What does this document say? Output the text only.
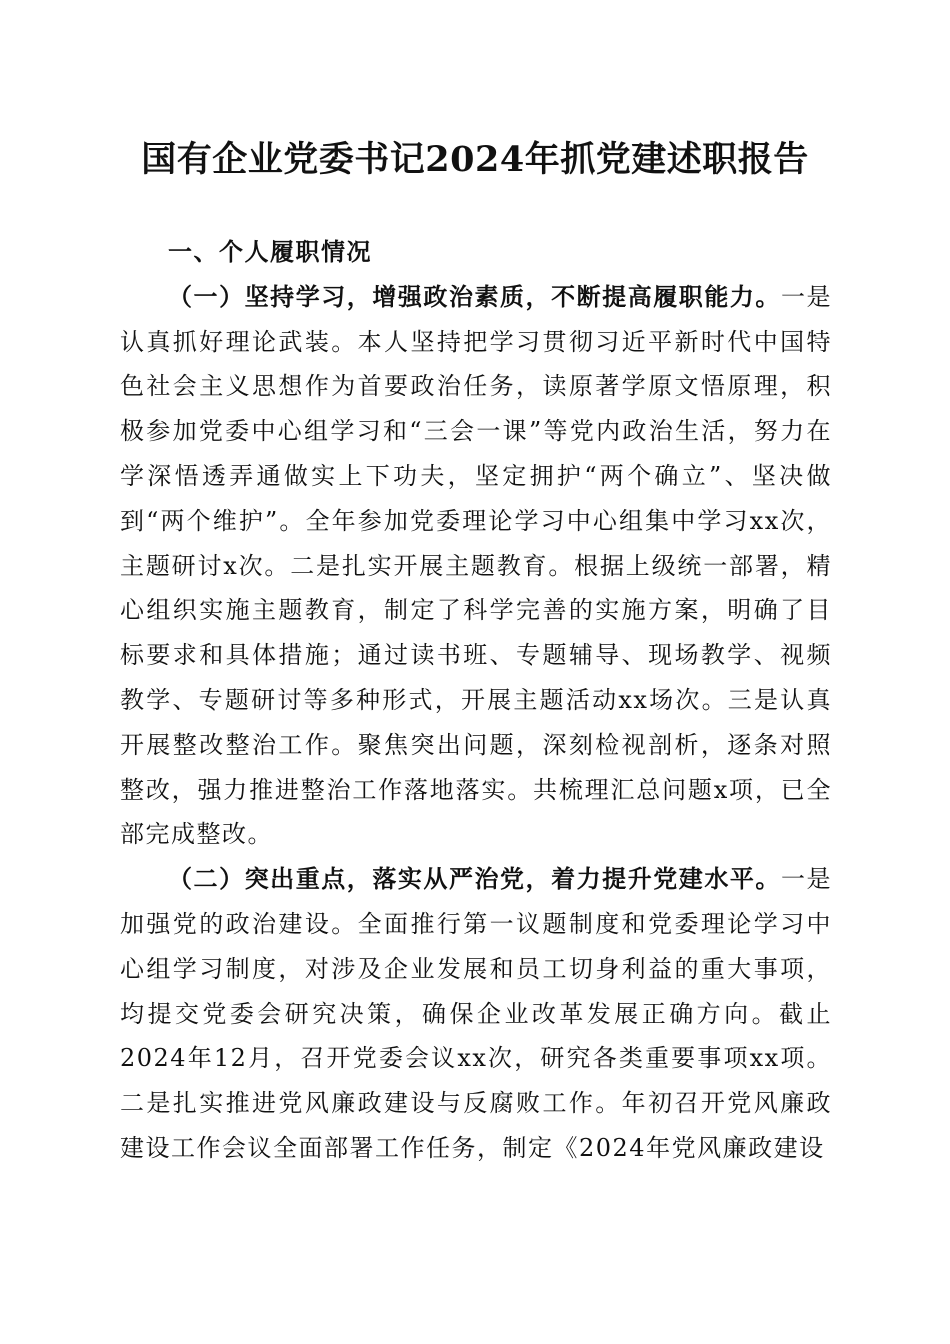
国有企业党委书记2024年抓党建述职报告

一、个人履职情况

（一）坚持学习，增强政治素质，不断提高履职能力。一是认真抓好理论武装。本人坚持把学习贯彻习近平新时代中国特色社会主义思想作为首要政治任务，读原著学原文悟原理，积极参加党委中心组学习和“三会一课”等党内政治生活，努力在学深悟透弄通做实上下功夫，坚定拥护“两个确立”、坚决做到“两个维护”。全年参加党委理论学习中心组集中学习xx次，主题研讨x次。二是扎实开展主题教育。根据上级统一部署，精心组织实施主题教育，制定了科学完善的实施方案，明确了目标要求和具体措施；通过读书班、专题辅导、现场教学、视频教学、专题研讨等多种形式，开展主题活动xx场次。三是认真开展整改整治工作。聚焦突出问题，深刻检视剖析，逐条对照整改，强力推进整治工作落地落实。共梳理汇总问题x项，已全部完成整改。

（二）突出重点，落实从严治党，着力提升党建水平。一是加强党的政治建设。全面推行第一议题制度和党委理论学习中心组学习制度，对涉及企业发展和员工切身利益的重大事项，均提交党委会研究决策，确保企业改革发展正确方向。截止2024年12月，召开党委会议xx次，研究各类重要事项xx项。二是扎实推进党风廉政建设与反腐败工作。年初召开党风廉政建设工作会议全面部署工作任务，制定《2024年党风廉政建设
